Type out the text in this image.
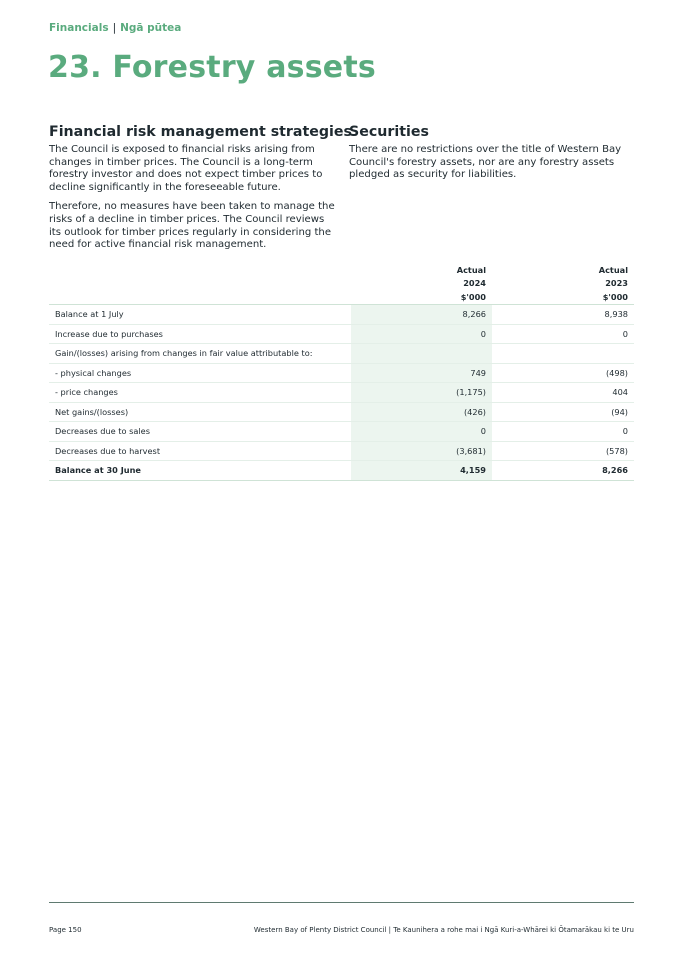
Financials | Ngā pūtea
23. Forestry assets
Financial risk management strategies

The Council is exposed to financial risks arising from changes in timber prices. The Council is a long-term forestry investor and does not expect timber prices to decline significantly in the foreseeable future.

Therefore, no measures have been taken to manage the risks of a decline in timber prices. The Council reviews its outlook for timber prices regularly in considering the need for active financial risk management.

Securities

There are no restrictions over the title of Western Bay Council's forestry assets, nor are any forestry assets pledged as security for liabilities.

	Actual
2024
$'000	Actual
2023
$'000
Balance at 1 July	8,266	8,938
Increase due to purchases	0	0
Gain/(losses) arising from changes in fair value attributable to:		
- physical changes	749	(498)
- price changes	(1,175)	404
Net gains/(losses)	(426)	(94)
Decreases due to sales	0	0
Decreases due to harvest	(3,681)	(578)
Balance at 30 June	4,159	8,266
Page 150	Western Bay of Plenty District Council | Te Kaunihera a rohe mai i Ngā Kuri-a-Whārei ki Ōtamarākau ki te Uru
